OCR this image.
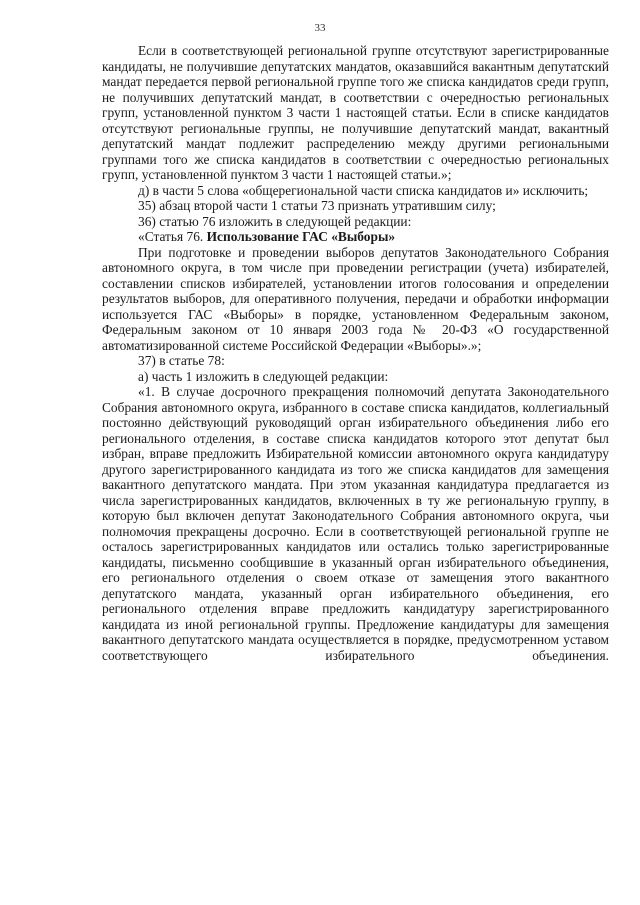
33

Если в соответствующей региональной группе отсутствуют зарегистрированные кандидаты, не получившие депутатских мандатов, оказавшийся вакантным депутатский мандат передается первой региональной группе того же списка кандидатов среди групп, не получивших депутатский мандат, в соответствии с очередностью региональных групп, установленной пунктом 3 части 1 настоящей статьи. Если в списке кандидатов отсутствуют региональные группы, не получившие депутатский мандат, вакантный депутатский мандат подлежит распределению между другими региональными группами того же списка кандидатов в соответствии с очередностью региональных групп, установленной пунктом 3 части 1 настоящей статьи.»;

д) в части 5 слова «общерегиональной части списка кандидатов и» исключить;

35) абзац второй части 1 статьи 73 признать утратившим силу;

36) статью 76 изложить в следующей редакции:

«Статья 76. Использование ГАС «Выборы»

При подготовке и проведении выборов депутатов Законодательного Собрания автономного округа, в том числе при проведении регистрации (учета) избирателей, составлении списков избирателей, установлении итогов голосования и определении результатов выборов, для оперативного получения, передачи и обработки информации используется ГАС «Выборы» в порядке, установленном Федеральным законом, Федеральным законом от 10 января 2003 года № 20-ФЗ «О государственной автоматизированной системе Российской Федерации «Выборы».»;

37) в статье 78:

а) часть 1 изложить в следующей редакции:

«1. В случае досрочного прекращения полномочий депутата Законодательного Собрания автономного округа, избранного в составе списка кандидатов, коллегиальный постоянно действующий руководящий орган избирательного объединения либо его регионального отделения, в составе списка кандидатов которого этот депутат был избран, вправе предложить Избирательной комиссии автономного округа кандидатуру другого зарегистрированного кандидата из того же списка кандидатов для замещения вакантного депутатского мандата. При этом указанная кандидатура предлагается из числа зарегистрированных кандидатов, включенных в ту же региональную группу, в которую был включен депутат Законодательного Собрания автономного округа, чьи полномочия прекращены досрочно. Если в соответствующей региональной группе не осталось зарегистрированных кандидатов или остались только зарегистрированные кандидаты, письменно сообщившие в указанный орган избирательного объединения, его регионального отделения о своем отказе от замещения этого вакантного депутатского мандата, указанный орган избирательного объединения, его регионального отделения вправе предложить кандидатуру зарегистрированного кандидата из иной региональной группы. Предложение кандидатуры для замещения вакантного депутатского мандата осуществляется в порядке, предусмотренном уставом соответствующего избирательного объединения.
